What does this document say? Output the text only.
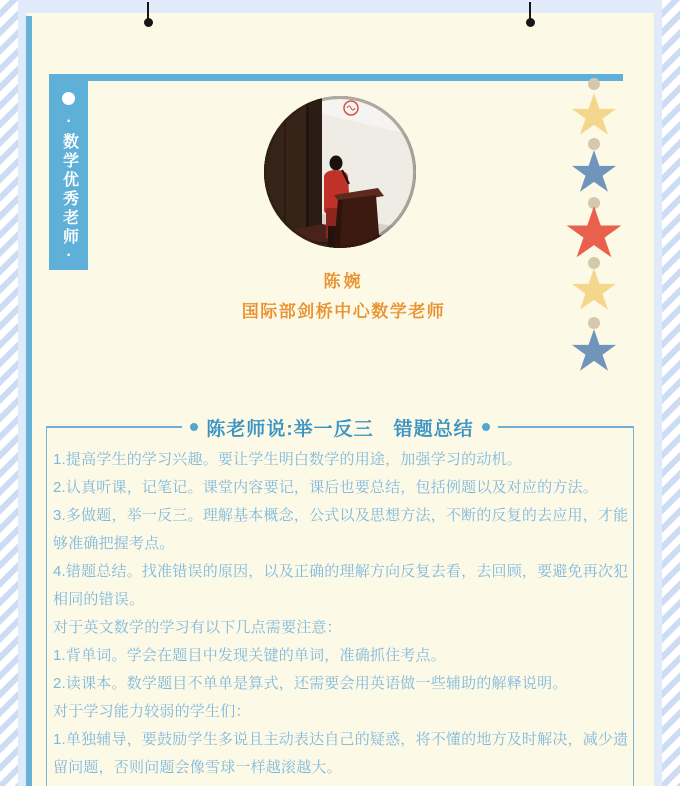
·数学优秀老师·
陈婉
国际部剑桥中心数学老师
陈老师说:举一反三　错题总结

1.提高学生的学习兴趣。要让学生明白数学的用途，加强学习的动机。

2.认真听课，记笔记。课堂内容要记，课后也要总结，包括例题以及对应的方法。

3.多做题，举一反三。理解基本概念，公式以及思想方法，不断的反复的去应用，才能够准确把握考点。

4.错题总结。找准错误的原因，以及正确的理解方向反复去看，去回顾，要避免再次犯相同的错误。

对于英文数学的学习有以下几点需要注意：

1.背单词。学会在题目中发现关键的单词，准确抓住考点。

2.读课本。数学题目不单单是算式，还需要会用英语做一些辅助的解释说明。

对于学习能力较弱的学生们：

1.单独辅导，要鼓励学生多说且主动表达自己的疑惑，将不懂的地方及时解决，减少遗留问题，否则问题会像雪球一样越滚越大。
